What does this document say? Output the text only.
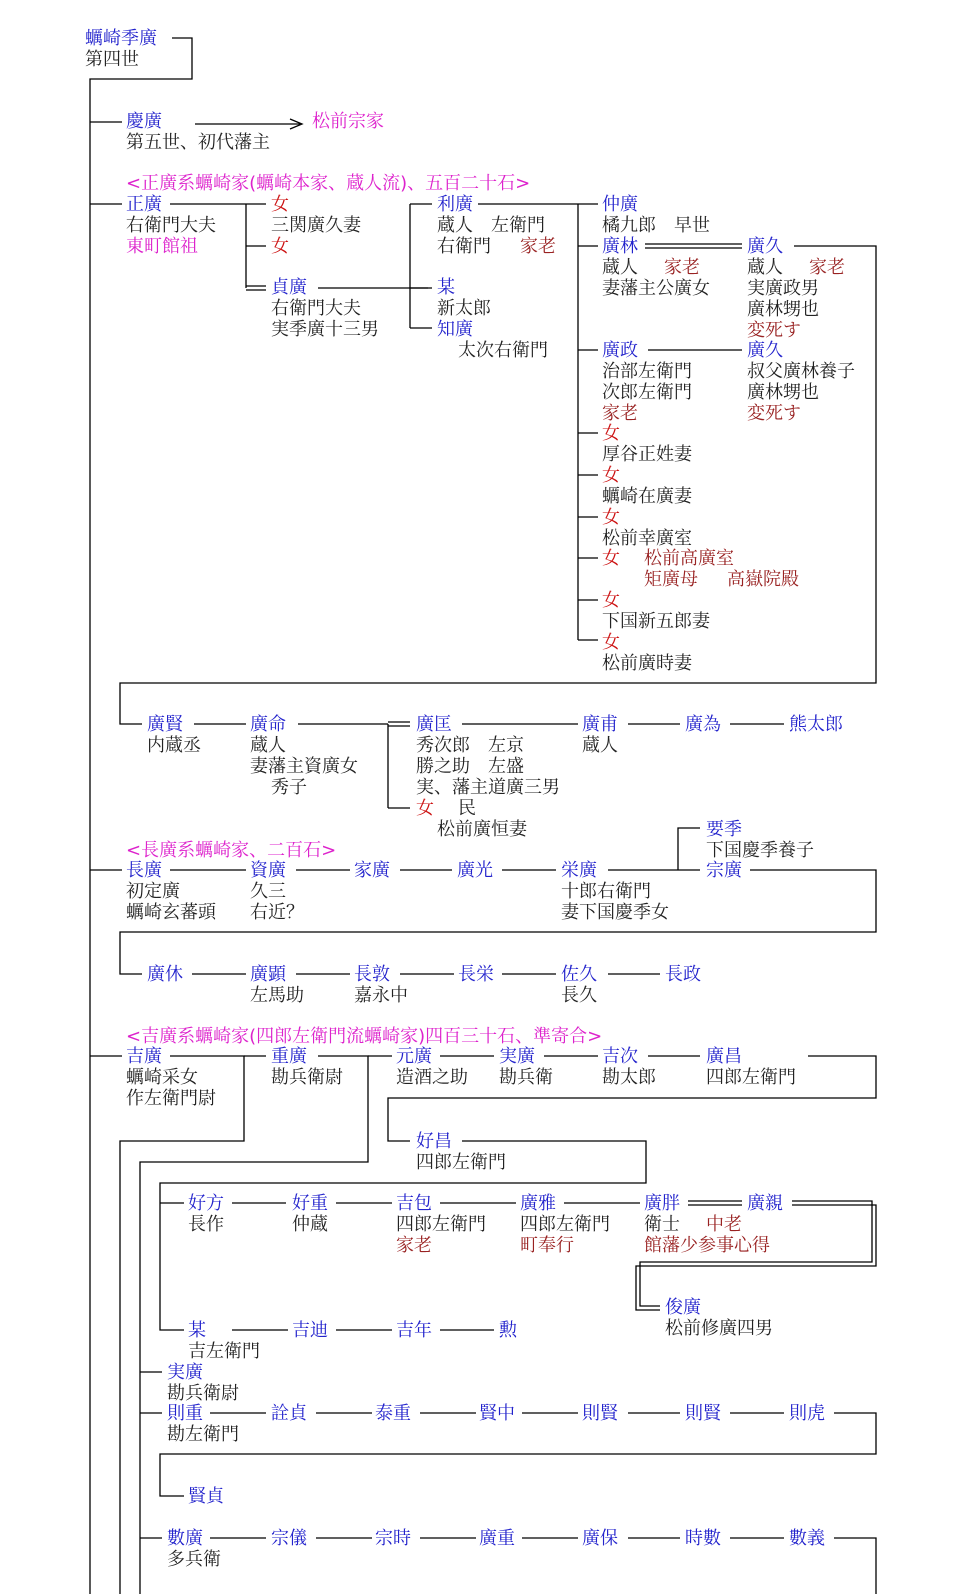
蠣崎季廣
第四世
慶廣
第五世、初代藩主
松前宗家
<正廣系蠣崎家(蠣崎本家、蔵人流)、五百二十石>
正廣
右衛門大夫
東町館祖
女
三関廣久妻
女
貞廣
右衛門大夫
実季廣十三男
利廣
蔵人　左衛門
右衛門 家老
某
新太郎
知廣
太次右衛門
仲廣
橘九郎　早世
廣林
蔵人 家老
妻藩主公廣女
廣久
蔵人 家老
実廣政男
廣林甥也
変死す
廣政
治部左衛門
次郎左衛門
家老
廣久
叔父廣林養子
廣林甥也
変死す
女
厚谷正姓妻
女
蠣崎在廣妻
女
松前幸廣室
女 松前高廣室
矩廣母 高嶽院殿
女
下国新五郎妻
女
松前廣時妻
廣賢
内蔵丞
廣命
蔵人
妻藩主資廣女
秀子
廣匡
秀次郎　左京
勝之助　左盛
実、藩主道廣三男
女 民
松前廣恒妻
廣甫
蔵人
廣為	熊太郎
<長廣系蠣崎家、二百石>
要季
下国慶季養子
長廣
初定廣
蠣崎玄蕃頭
資廣
久三
右近？
家廣	廣光	栄廣
十郎右衛門
妻下国慶季女
宗廣
廣休	廣顕
左馬助
長敦
嘉永中
長栄	佐久
長久
長政
<吉廣系蠣崎家(四郎左衛門流蠣崎家)四百三十石、準寄合>
吉廣
蠣崎采女
作左衛門尉
重廣
勘兵衛尉
元廣
造酒之助
実廣
勘兵衛
吉次
勘太郎
廣昌
四郎左衛門
好昌
四郎左衛門
好方
長作
好重
仲蔵
吉包
四郎左衛門
家老
廣雅
四郎左衛門
町奉行
廣胖
衛士 中老
館藩少参事心得
廣親
俊廣
松前修廣四男
某
吉左衛門
吉迪	吉年	勲
実廣
勘兵衛尉
則重
勘左衛門
詮貞	泰重	賢中	則賢	則賢	則虎
賢貞
數廣
多兵衛
宗儀	宗時	廣重	廣保	時數	數義
